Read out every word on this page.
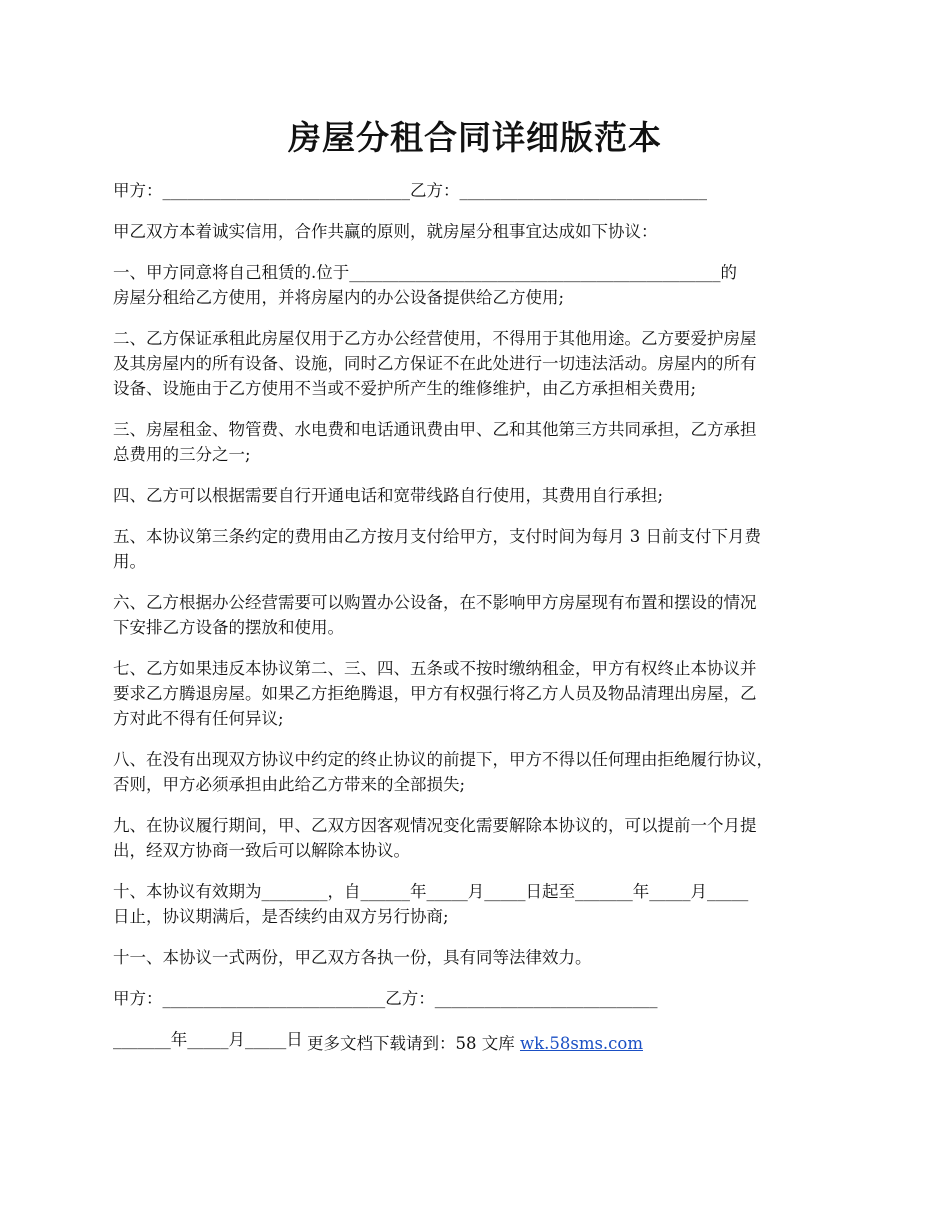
房屋分租合同详细版范本

甲方：______________________________乙方：______________________________

甲乙双方本着诚实信用，合作共赢的原则，就房屋分租事宜达成如下协议：

一、甲方同意将自己租赁的.位于_____________________________________________的
房屋分租给乙方使用，并将房屋内的办公设备提供给乙方使用;

二、乙方保证承租此房屋仅用于乙方办公经营使用，不得用于其他用途。乙方要爱护房屋
及其房屋内的所有设备、设施，同时乙方保证不在此处进行一切违法活动。房屋内的所有
设备、设施由于乙方使用不当或不爱护所产生的维修维护，由乙方承担相关费用;

三、房屋租金、物管费、水电费和电话通讯费由甲、乙和其他第三方共同承担，乙方承担
总费用的三分之一;

四、乙方可以根据需要自行开通电话和宽带线路自行使用，其费用自行承担;

五、本协议第三条约定的费用由乙方按月支付给甲方，支付时间为每月 3 日前支付下月费
用。

六、乙方根据办公经营需要可以购置办公设备，在不影响甲方房屋现有布置和摆设的情况
下安排乙方设备的摆放和使用。

七、乙方如果违反本协议第二、三、四、五条或不按时缴纳租金，甲方有权终止本协议并
要求乙方腾退房屋。如果乙方拒绝腾退，甲方有权强行将乙方人员及物品清理出房屋，乙
方对此不得有任何异议;

八、在没有出现双方协议中约定的终止协议的前提下，甲方不得以任何理由拒绝履行协议，
否则，甲方必须承担由此给乙方带来的全部损失;

九、在协议履行期间，甲、乙双方因客观情况变化需要解除本协议的，可以提前一个月提
出，经双方协商一致后可以解除本协议。

十、本协议有效期为________，自______年_____月_____日起至_______年_____月_____
日止，协议期满后，是否续约由双方另行协商;

十一、本协议一式两份，甲乙双方各执一份，具有同等法律效力。

甲方：___________________________乙方：___________________________

_______年_____月_____日 更多文档下载请到：58 文库 wk.58sms.com
